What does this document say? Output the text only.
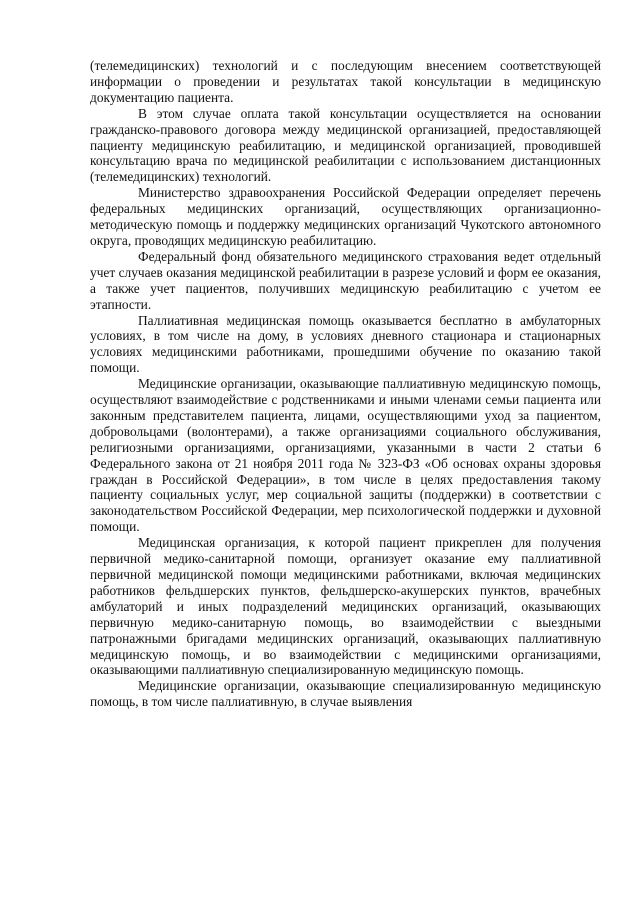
(телемедицинских) технологий и с последующим внесением соответствующей информации о проведении и результатах такой консультации в медицинскую документацию пациента.

В этом случае оплата такой консультации осуществляется на основании гражданско-правового договора между медицинской организацией, предоставляющей пациенту медицинскую реабилитацию, и медицинской организацией, проводившей консультацию врача по медицинской реабилитации с использованием дистанционных (телемедицинских) технологий.

Министерство здравоохранения Российской Федерации определяет перечень федеральных медицинских организаций, осуществляющих организационно-методическую помощь и поддержку медицинских организаций Чукотского автономного округа, проводящих медицинскую реабилитацию.

Федеральный фонд обязательного медицинского страхования ведет отдельный учет случаев оказания медицинской реабилитации в разрезе условий и форм ее оказания, а также учет пациентов, получивших медицинскую реабилитацию с учетом ее этапности.

Паллиативная медицинская помощь оказывается бесплатно в амбулаторных условиях, в том числе на дому, в условиях дневного стационара и стационарных условиях медицинскими работниками, прошедшими обучение по оказанию такой помощи.

Медицинские организации, оказывающие паллиативную медицинскую помощь, осуществляют взаимодействие с родственниками и иными членами семьи пациента или законным представителем пациента, лицами, осуществляющими уход за пациентом, добровольцами (волонтерами), а также организациями социального обслуживания, религиозными организациями, организациями, указанными в части 2 статьи 6 Федерального закона от 21 ноября 2011 года № 323-ФЗ «Об основах охраны здоровья граждан в Российской Федерации», в том числе в целях предоставления такому пациенту социальных услуг, мер социальной защиты (поддержки) в соответствии с законодательством Российской Федерации, мер психологической поддержки и духовной помощи.

Медицинская организация, к которой пациент прикреплен для получения первичной медико-санитарной помощи, организует оказание ему паллиативной первичной медицинской помощи медицинскими работниками, включая медицинских работников фельдшерских пунктов, фельдшерско-акушерских пунктов, врачебных амбулаторий и иных подразделений медицинских организаций, оказывающих первичную медико-санитарную помощь, во взаимодействии с выездными патронажными бригадами медицинских организаций, оказывающих паллиативную медицинскую помощь, и во взаимодействии с медицинскими организациями, оказывающими паллиативную специализированную медицинскую помощь.

Медицинские организации, оказывающие специализированную медицинскую помощь, в том числе паллиативную, в случае выявления
